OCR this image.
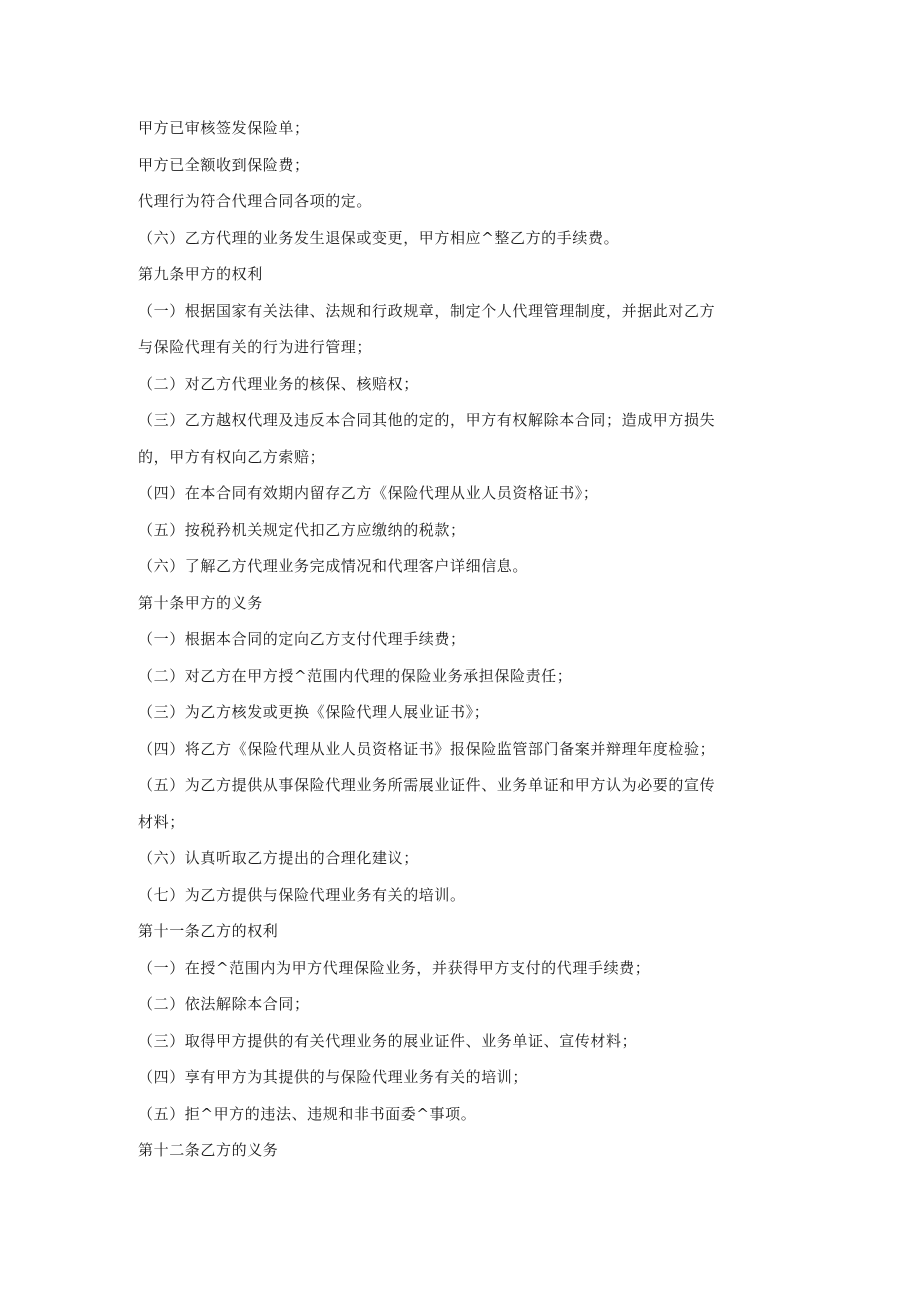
甲方已审核签发保险单；
甲方已全额收到保险费；
代理行为符合代理合同各项的定。
（六）乙方代理的业务发生退保或变更，甲方相应^整乙方的手续费。
第九条甲方的权利
（一）根据国家有关法律、法规和行政规章，制定个人代理管理制度，并据此对乙方
与保险代理有关的行为进行管理；
（二）对乙方代理业务的核保、核赔权；
（三）乙方越权代理及违反本合同其他的定的，甲方有权解除本合同；造成甲方损失
的，甲方有权向乙方索赔；
（四）在本合同有效期内留存乙方《保险代理从业人员资格证书》；
（五）按税矜机关规定代扣乙方应缴纳的税款；
（六）了解乙方代理业务完成情况和代理客户详细信息。
第十条甲方的义务
（一）根据本合同的定向乙方支付代理手续费；
（二）对乙方在甲方授^范围内代理的保险业务承担保险责任；
（三）为乙方核发或更换《保险代理人展业证书》；
（四）将乙方《保险代理从业人员资格证书》报保险监管部门备案并辩理年度检验；
（五）为乙方提供从事保险代理业务所需展业证件、业务单证和甲方认为必要的宣传
材料；
（六）认真听取乙方提出的合理化建议；
（七）为乙方提供与保险代理业务有关的培训。
第十一条乙方的权利
（一）在授^范围内为甲方代理保险业务，并获得甲方支付的代理手续费；
（二）依法解除本合同；
（三）取得甲方提供的有关代理业务的展业证件、业务单证、宣传材料；
（四）享有甲方为其提供的与保险代理业务有关的培训；
（五）拒^甲方的违法、违规和非书面委^事项。
第十二条乙方的义务
